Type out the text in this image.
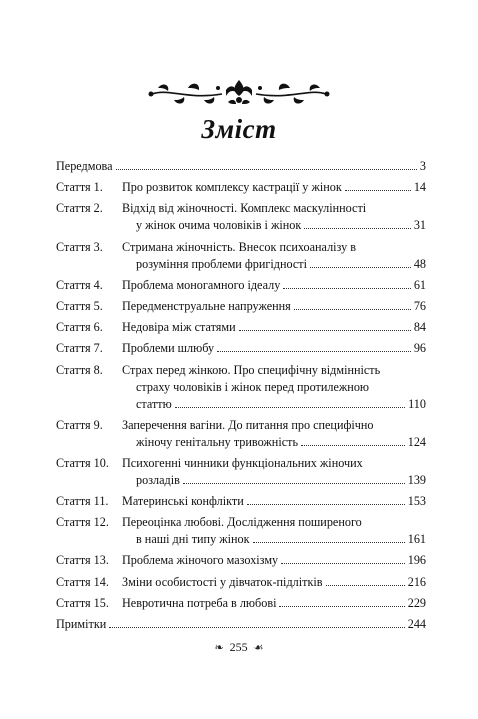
Зміст
Передмова	3
Стаття 1.	Про розвиток комплексу кастрації у жінок	14
Стаття 2.	Відхід від жіночності. Комплекс маскулінності
у жінок очима чоловіків і жінок	31
Стаття 3.	Стримана жіночність. Внесок психоаналізу в
розуміння проблеми фригідності	48
Стаття 4.	Проблема моногамного ідеалу	61
Стаття 5.	Передменструальне напруження	76
Стаття 6.	Недовіра між статями	84
Стаття 7.	Проблеми шлюбу	96
Стаття 8.	Страх перед жінкою. Про специфічну відмінність
страху чоловіків і жінок перед протилежною
статтю	110
Стаття 9.	Заперечення вагіни. До питання про специфічно
жіночу генітальну тривожність	124
Стаття 10.	Психогенні чинники функціональних жіночих
розладів	139
Стаття 11.	Материнські конфлікти	153
Стаття 12.	Переоцінка любові. Дослідження поширеного
в наші дні типу жінок	161
Стаття 13.	Проблема жіночого мазохізму	196
Стаття 14.	Зміни особистості у дівчаток-підлітків	216
Стаття 15.	Невротична потреба в любові	229
Примітки	244
❧ 255 ☙
